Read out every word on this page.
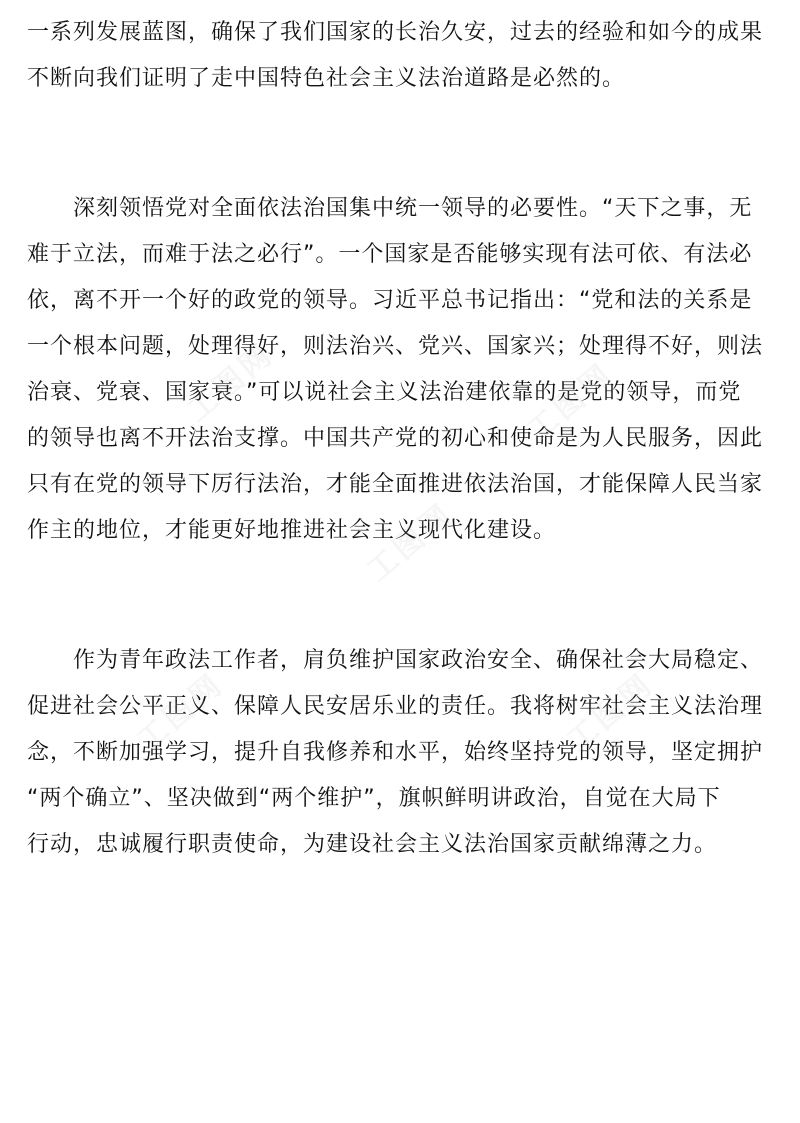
一系列发展蓝图，确保了我们国家的长治久安，过去的经验和如今的成果
不断向我们证明了走中国特色社会主义法治道路是必然的。
深刻领悟党对全面依法治国集中统一领导的必要性。“天下之事，无
难于立法，而难于法之必行”。一个国家是否能够实现有法可依、有法必
依，离不开一个好的政党的领导。习近平总书记指出：“党和法的关系是
一个根本问题，处理得好，则法治兴、党兴、国家兴；处理得不好，则法
治衰、党衰、国家衰。”可以说社会主义法治建依靠的是党的领导，而党
的领导也离不开法治支撑。中国共产党的初心和使命是为人民服务，因此
只有在党的领导下厉行法治，才能全面推进依法治国，才能保障人民当家
作主的地位，才能更好地推进社会主义现代化建设。
作为青年政法工作者，肩负维护国家政治安全、确保社会大局稳定、
促进社会公平正义、保障人民安居乐业的责任。我将树牢社会主义法治理
念，不断加强学习，提升自我修养和水平，始终坚持党的领导，坚定拥护
“两个确立”、坚决做到“两个维护”，旗帜鲜明讲政治，自觉在大局下
行动，忠诚履行职责使命，为建设社会主义法治国家贡献绵薄之力。
工图网	工图网
工图网
工图网	工图网
